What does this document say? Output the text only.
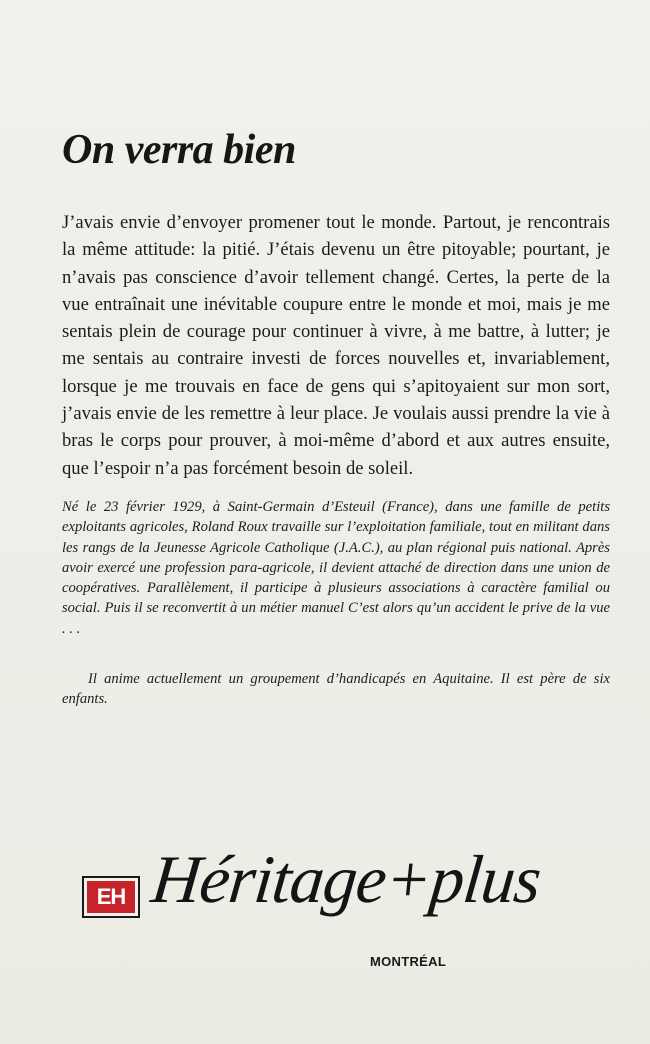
On verra bien

J’avais envie d’envoyer promener tout le monde. Partout, je rencontrais la même attitude: la pitié. J’étais devenu un être pitoyable; pourtant, je n’avais pas conscience d’avoir tellement changé. Certes, la perte de la vue entraînait une inévitable coupure entre le monde et moi, mais je me sentais plein de courage pour continuer à vivre, à me battre, à lutter; je me sentais au contraire investi de forces nouvelles et, invariablement, lorsque je me trouvais en face de gens qui s’apitoyaient sur mon sort, j’avais envie de les remettre à leur place. Je voulais aussi prendre la vie à bras le corps pour prouver, à moi-même d’abord et aux autres ensuite, que l’espoir n’a pas forcément besoin de soleil.

Né le 23 février 1929, à Saint-Germain d’Esteuil (France), dans une famille de petits exploitants agricoles, Roland Roux travaille sur l’exploitation familiale, tout en militant dans les rangs de la Jeunesse Agricole Catholique (J.A.C.), au plan régional puis national. Après avoir exercé une profession para-agricole, il devient attaché de direction dans une union de coopératives. Parallèlement, il participe à plusieurs associations à caractère familial ou social. Puis il se reconvertit à un métier manuel C’est alors qu’un accident le prive de la vue . . .

Il anime actuellement un groupement d’handicapés en Aquitaine. Il est père de six enfants.

EH Héritage+plus
MONTRÉAL
